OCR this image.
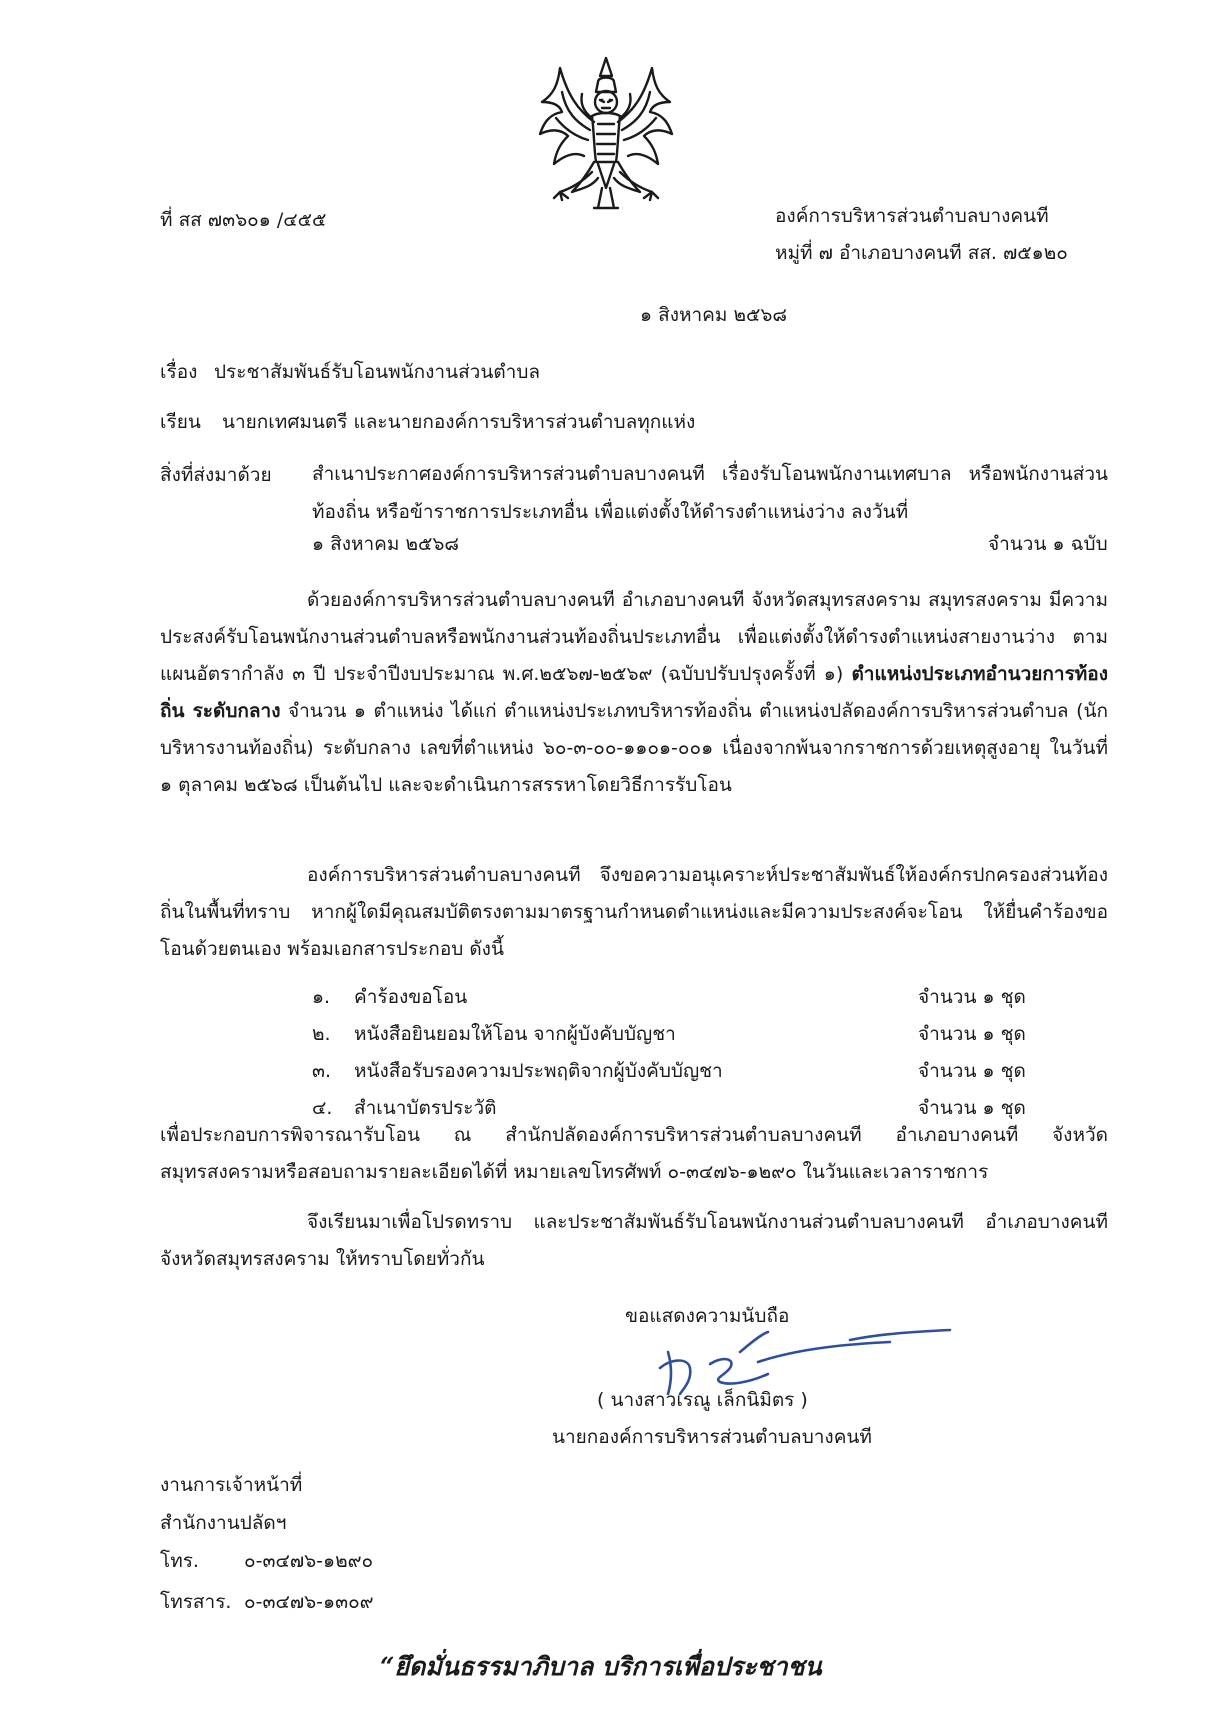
ที่ สส ๗๓๖๐๑ /๔๕๕	องค์การบริหารส่วนตำบลบางคนที
หมู่ที่ ๗ อำเภอบางคนที สส. ๗๕๑๒๐
๑ สิงหาคม ๒๕๖๘
เรื่อง ประชาสัมพันธ์รับโอนพนักงานส่วนตำบล
เรียน นายกเทศมนตรี และนายกองค์การบริหารส่วนตำบลทุกแห่ง
สิ่งที่ส่งมาด้วย สำเนาประกาศองค์การบริหารส่วนตำบลบางคนที เรื่องรับโอนพนักงานเทศบาล หรือพนักงานส่วนท้องถิ่น หรือข้าราชการประเภทอื่น เพื่อแต่งตั้งให้ดำรงตำแหน่งว่าง ลงวันที่
๑ สิงหาคม ๒๕๖๘	จำนวน ๑ ฉบับ
ด้วยองค์การบริหารส่วนตำบลบางคนที อำเภอบางคนที จังหวัดสมุทรสงคราม สมุทรสงคราม มีความประสงค์รับโอนพนักงานส่วนตำบลหรือพนักงานส่วนท้องถิ่นประเภทอื่น เพื่อแต่งตั้งให้ดำรงตำแหน่งสายงานว่าง ตามแผนอัตรากำลัง ๓ ปี ประจำปีงบประมาณ พ.ศ.๒๕๖๗-๒๕๖๙ (ฉบับปรับปรุงครั้งที่ ๑) ตำแหน่งประเภทอำนวยการท้องถิ่น ระดับกลาง จำนวน ๑ ตำแหน่ง ได้แก่ ตำแหน่งประเภทบริหารท้องถิ่น ตำแหน่งปลัดองค์การบริหารส่วนตำบล (นักบริหารงานท้องถิ่น) ระดับกลาง เลขที่ตำแหน่ง ๖๐-๓-๐๐-๑๑๐๑-๐๐๑ เนื่องจากพ้นจากราชการด้วยเหตุสูงอายุ ในวันที่ ๑ ตุลาคม ๒๕๖๘ เป็นต้นไป และจะดำเนินการสรรหาโดยวิธีการรับโอน
องค์การบริหารส่วนตำบลบางคนที จึงขอความอนุเคราะห์ประชาสัมพันธ์ให้องค์กรปกครองส่วนท้องถิ่นในพื้นที่ทราบ หากผู้ใดมีคุณสมบัติตรงตามมาตรฐานกำหนดตำแหน่งและมีความประสงค์จะโอน ให้ยื่นคำร้องขอโอนด้วยตนเอง พร้อมเอกสารประกอบ ดังนี้
๑. คำร้องขอโอน	จำนวน ๑ ชุด
๒. หนังสือยินยอมให้โอน จากผู้บังคับบัญชา	จำนวน ๑ ชุด
๓. หนังสือรับรองความประพฤติจากผู้บังคับบัญชา	จำนวน ๑ ชุด
๔. สำเนาบัตรประวัติ	จำนวน ๑ ชุด
เพื่อประกอบการพิจารณารับโอน ณ สำนักปลัดองค์การบริหารส่วนตำบลบางคนที อำเภอบางคนที จังหวัดสมุทรสงครามหรือสอบถามรายละเอียดได้ที่ หมายเลขโทรศัพท์ ๐-๓๔๗๖-๑๒๙๐ ในวันและเวลาราชการ
จึงเรียนมาเพื่อโปรดทราบ และประชาสัมพันธ์รับโอนพนักงานส่วนตำบลบางคนที อำเภอบางคนที จังหวัดสมุทรสงคราม ให้ทราบโดยทั่วกัน
ขอแสดงความนับถือ
( นางสาวเรณู เล็กนิมิตร )
นายกองค์การบริหารส่วนตำบลบางคนที
งานการเจ้าหน้าที่
สำนักงานปลัดฯ
โทร. ๐-๓๔๗๖-๑๒๙๐
โทรสาร. ๐-๓๔๗๖-๑๓๐๙
“ยึดมั่นธรรมาภิบาล บริการเพื่อประชาชน
